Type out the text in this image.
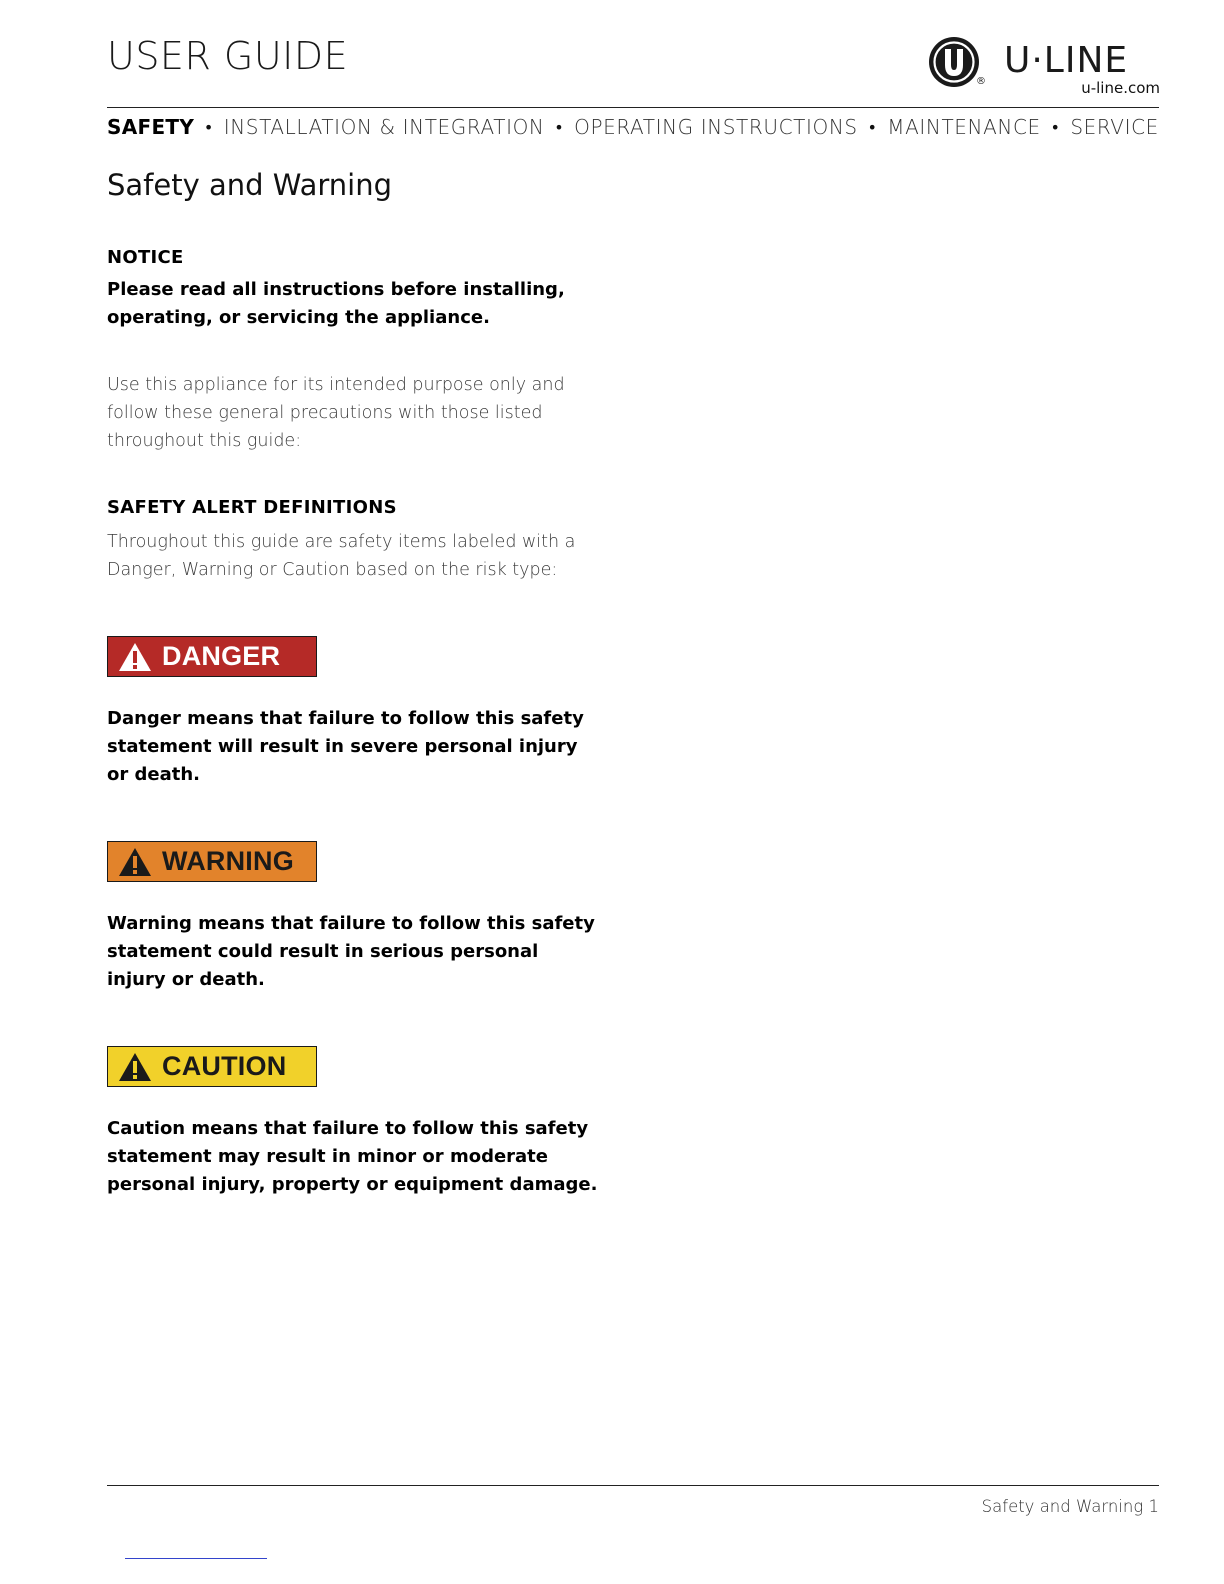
USER GUIDE
®
U·LINE
u-line.com
SAFETY • INSTALLATION & INTEGRATION • OPERATING INSTRUCTIONS • MAINTENANCE • SERVICE
Safety and Warning
NOTICE
Please read all instructions before installing, operating, or servicing the appliance.
Use this appliance for its intended purpose only and follow these general precautions with those listed throughout this guide:
SAFETY ALERT DEFINITIONS
Throughout this guide are safety items labeled with a Danger, Warning or Caution based on the risk type:
DANGER
Danger means that failure to follow this safety statement will result in severe personal injury or death.
WARNING
Warning means that failure to follow this safety statement could result in serious personal injury or death.
CAUTION
Caution means that failure to follow this safety statement may result in minor or moderate personal injury, property or equipment damage.
Safety and Warning 1
